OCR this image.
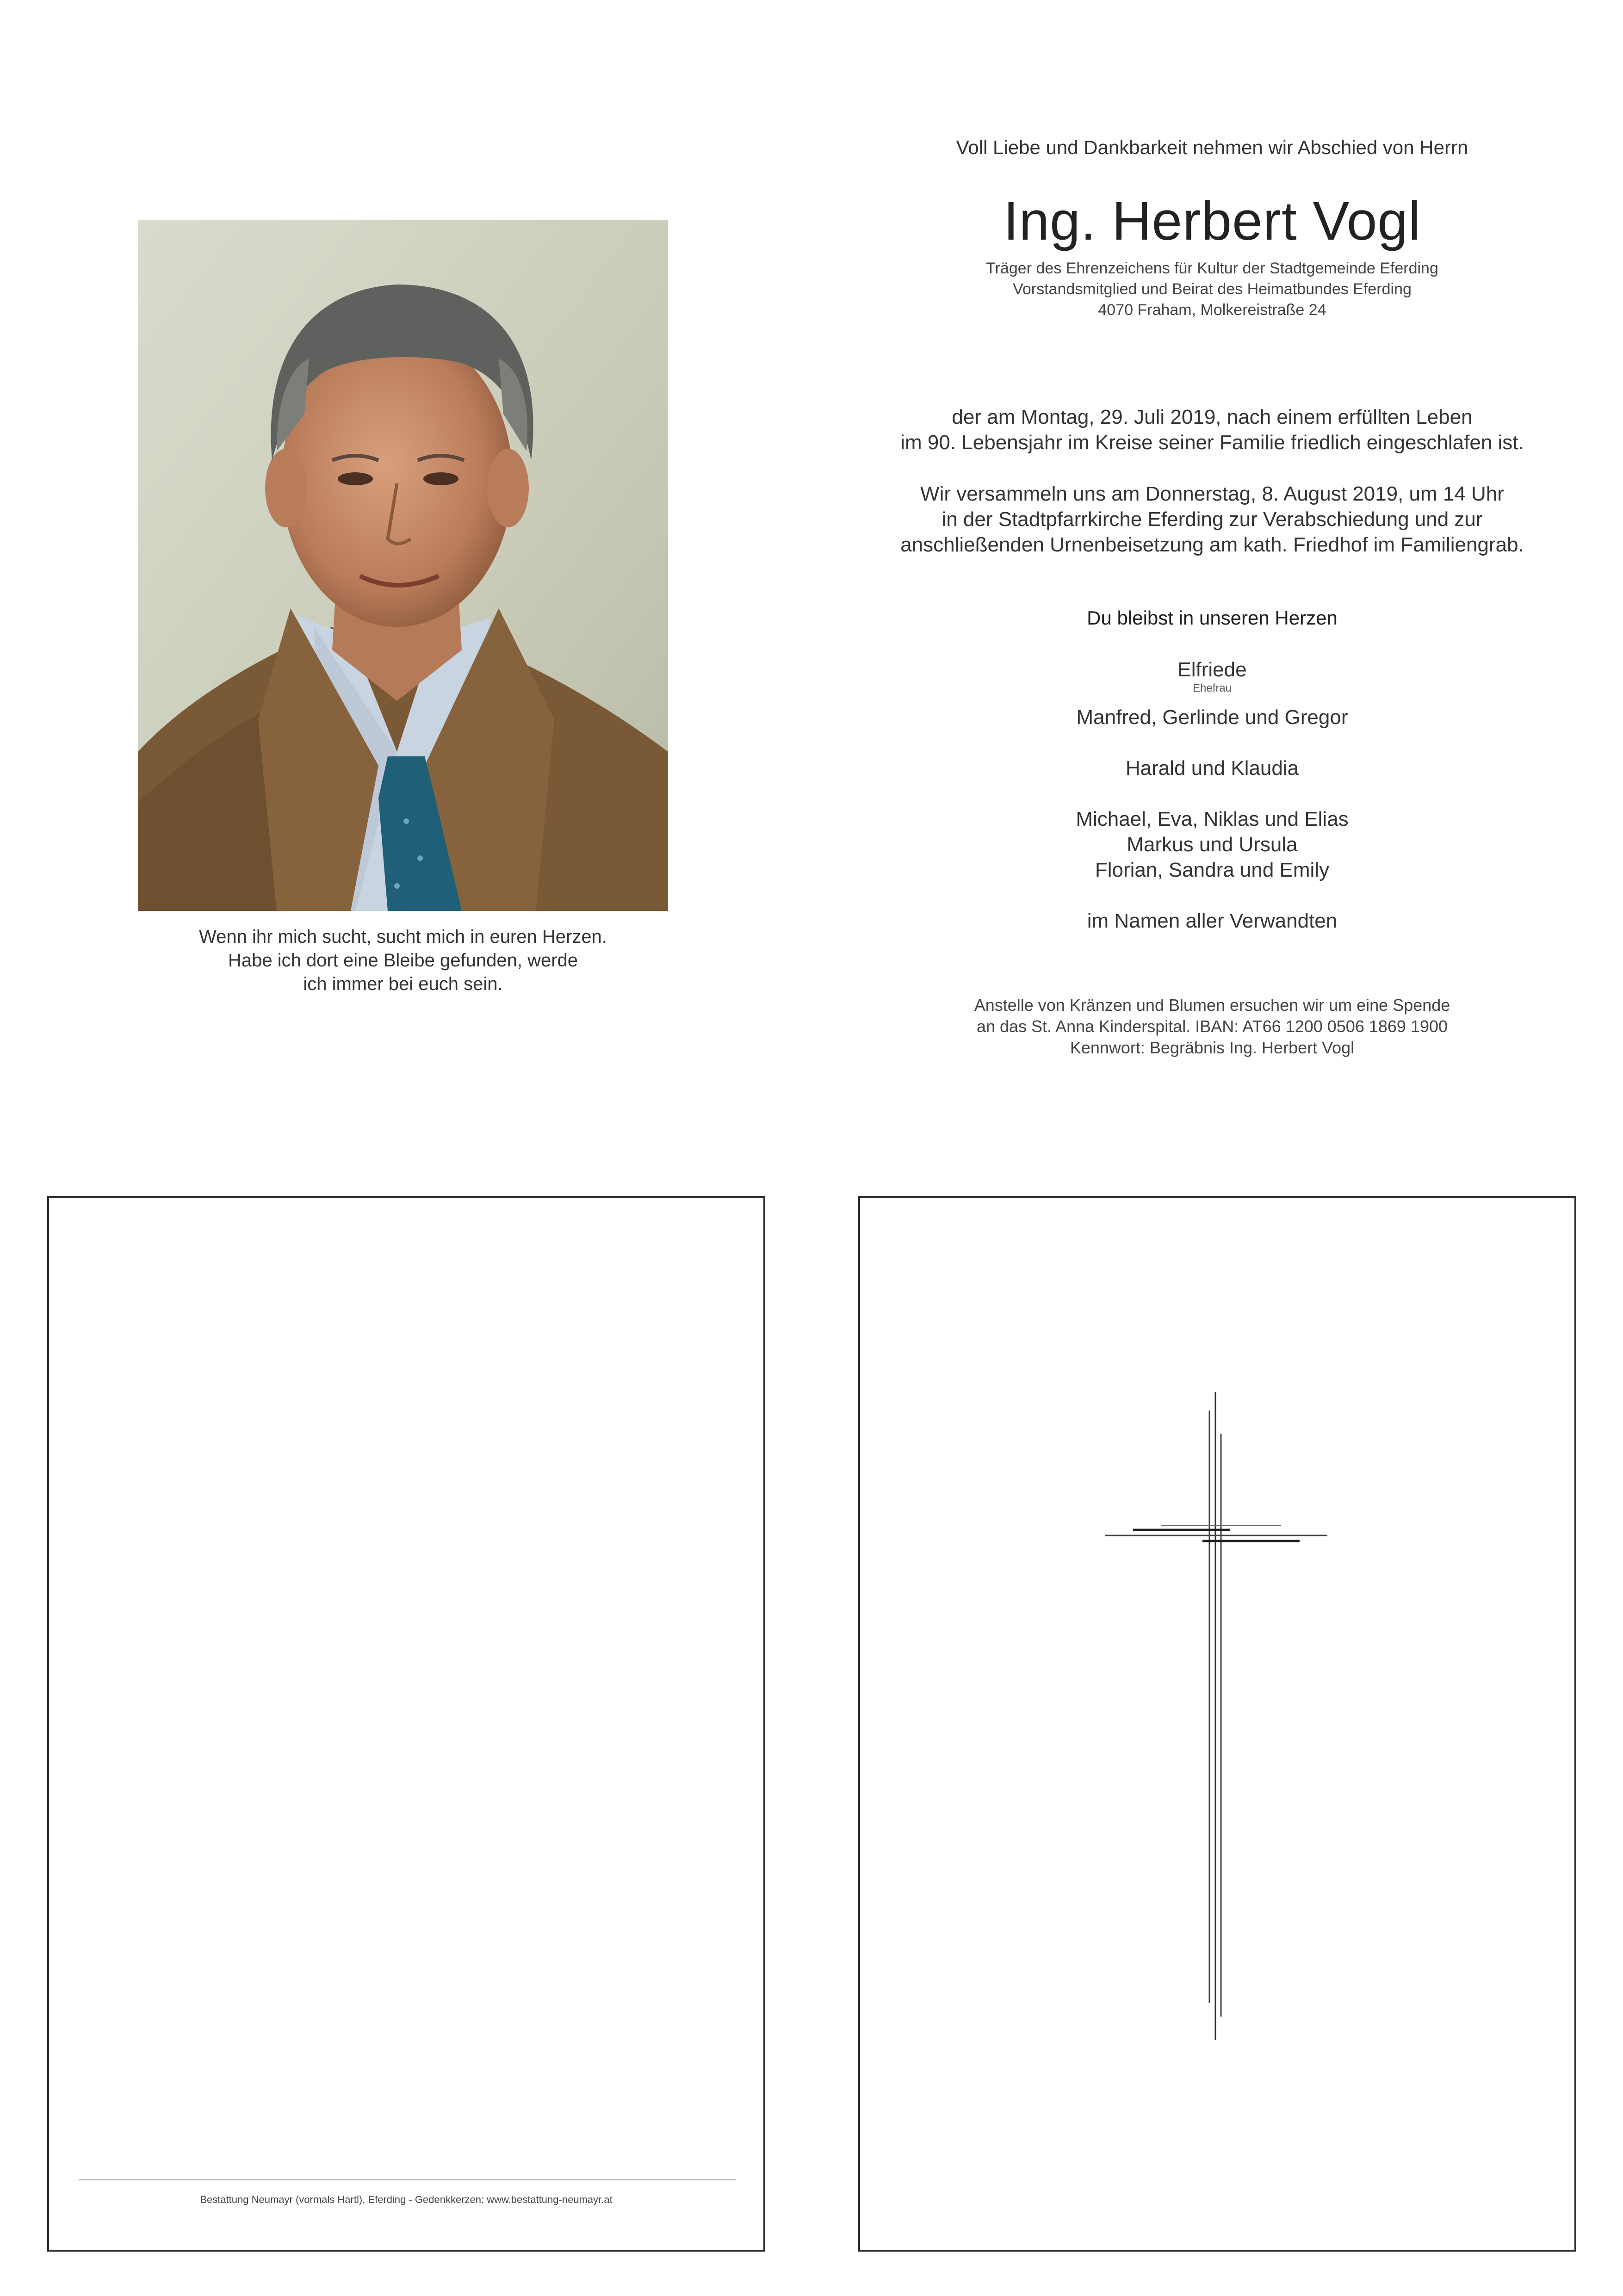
Wenn ihr mich sucht, sucht mich in euren Herzen.
Habe ich dort eine Bleibe gefunden, werde
ich immer bei euch sein.
Voll Liebe und Dankbarkeit nehmen wir Abschied von Herrn
Ing. Herbert Vogl
Träger des Ehrenzeichens für Kultur der Stadtgemeinde Eferding
Vorstandsmitglied und Beirat des Heimatbundes Eferding
4070 Fraham, Molkereistraße 24
der am Montag, 29. Juli 2019, nach einem erfüllten Leben
im 90. Lebensjahr im Kreise seiner Familie friedlich eingeschlafen ist.
Wir versammeln uns am Donnerstag, 8. August 2019, um 14 Uhr
in der Stadtpfarrkirche Eferding zur Verabschiedung und zur
anschließenden Urnenbeisetzung am kath. Friedhof im Familiengrab.
Du bleibst in unseren Herzen
Elfriede
Ehefrau
Manfred, Gerlinde und Gregor
Harald und Klaudia
Michael, Eva, Niklas und Elias
Markus und Ursula
Florian, Sandra und Emily
im Namen aller Verwandten
Anstelle von Kränzen und Blumen ersuchen wir um eine Spende
an das St. Anna Kinderspital. IBAN: AT66 1200 0506 1869 1900
Kennwort: Begräbnis Ing. Herbert Vogl
Bestattung Neumayr (vormals Hartl), Eferding - Gedenkkerzen: www.bestattung-neumayr.at
